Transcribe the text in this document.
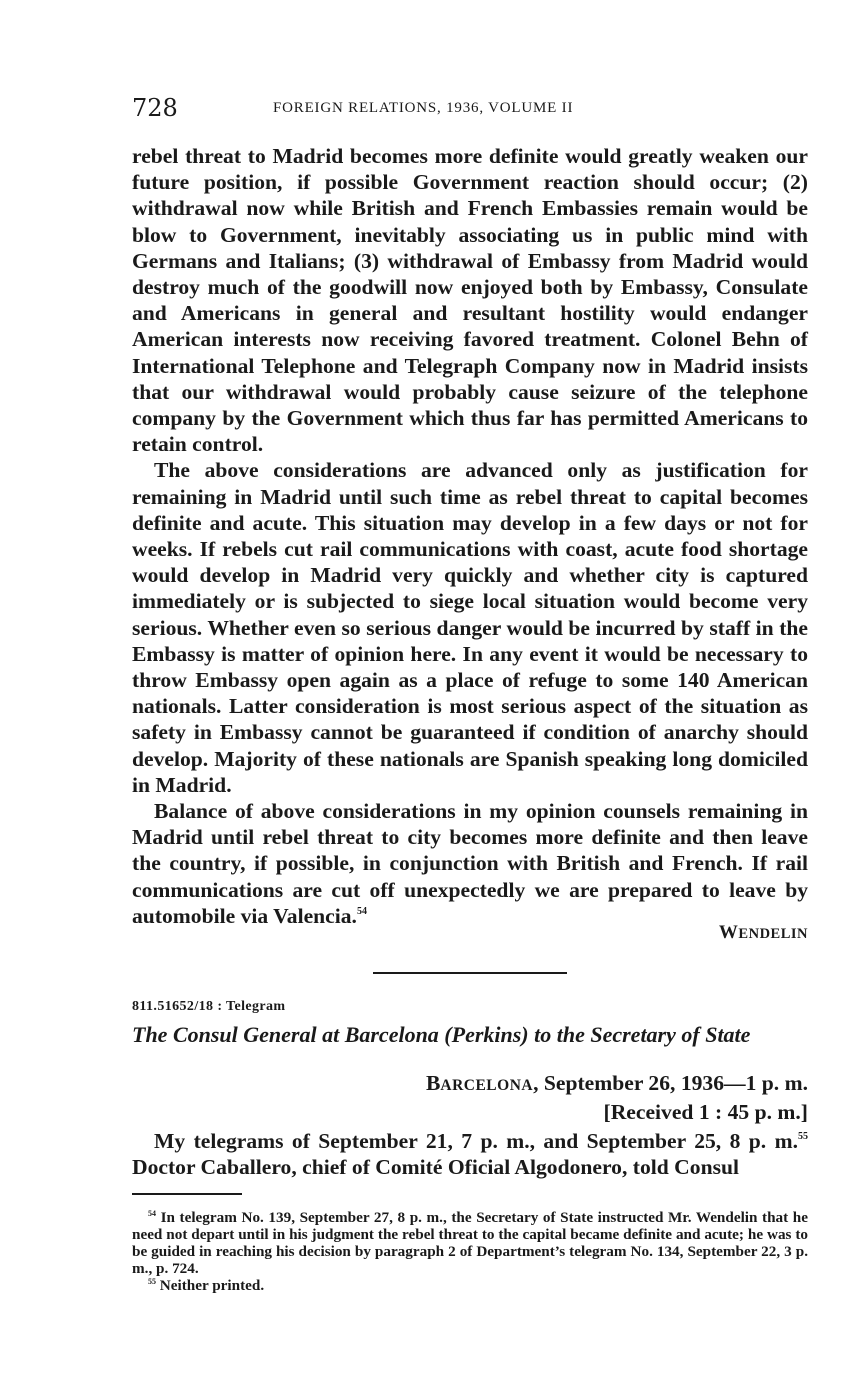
728	FOREIGN RELATIONS, 1936, VOLUME II

rebel threat to Madrid becomes more definite would greatly weaken our future position, if possible Government reaction should occur; (2) withdrawal now while British and French Embassies remain would be blow to Government, inevitably associating us in public mind with Germans and Italians; (3) withdrawal of Embassy from Madrid would destroy much of the goodwill now enjoyed both by Embassy, Consulate and Americans in general and resultant hostility would endanger American interests now receiving favored treatment. Colonel Behn of International Telephone and Telegraph Company now in Madrid insists that our withdrawal would probably cause seizure of the telephone company by the Government which thus far has permitted Americans to retain control.

The above considerations are advanced only as justification for remaining in Madrid until such time as rebel threat to capital becomes definite and acute. This situation may develop in a few days or not for weeks. If rebels cut rail communications with coast, acute food shortage would develop in Madrid very quickly and whether city is captured immediately or is subjected to siege local situation would become very serious. Whether even so serious danger would be incurred by staff in the Embassy is matter of opinion here. In any event it would be necessary to throw Embassy open again as a place of refuge to some 140 American nationals. Latter consideration is most serious aspect of the situation as safety in Embassy cannot be guaranteed if condition of anarchy should develop. Majority of these nationals are Spanish speaking long domiciled in Madrid.

Balance of above considerations in my opinion counsels remaining in Madrid until rebel threat to city becomes more definite and then leave the country, if possible, in conjunction with British and French. If rail communications are cut off unexpectedly we are prepared to leave by automobile via Valencia.$^{54}$

WENDELIN
811.51652/18 : Telegram
The Consul General at Barcelona (Perkins) to the Secretary of State
BARCELONA, September 26, 1936—1 p. m.
[Received 1 : 45 p. m.]

My telegrams of September 21, 7 p. m., and September 25, 8 p. m.$^{55}$ Doctor Caballero, chief of Comité Oficial Algodonero, told Consul

$^{54}$ In telegram No. 139, September 27, 8 p. m., the Secretary of State instructed Mr. Wendelin that he need not depart until in his judgment the rebel threat to the capital became definite and acute; he was to be guided in reaching his decision by paragraph 2 of Department’s telegram No. 134, September 22, 3 p. m., p. 724.

$^{55}$ Neither printed.
